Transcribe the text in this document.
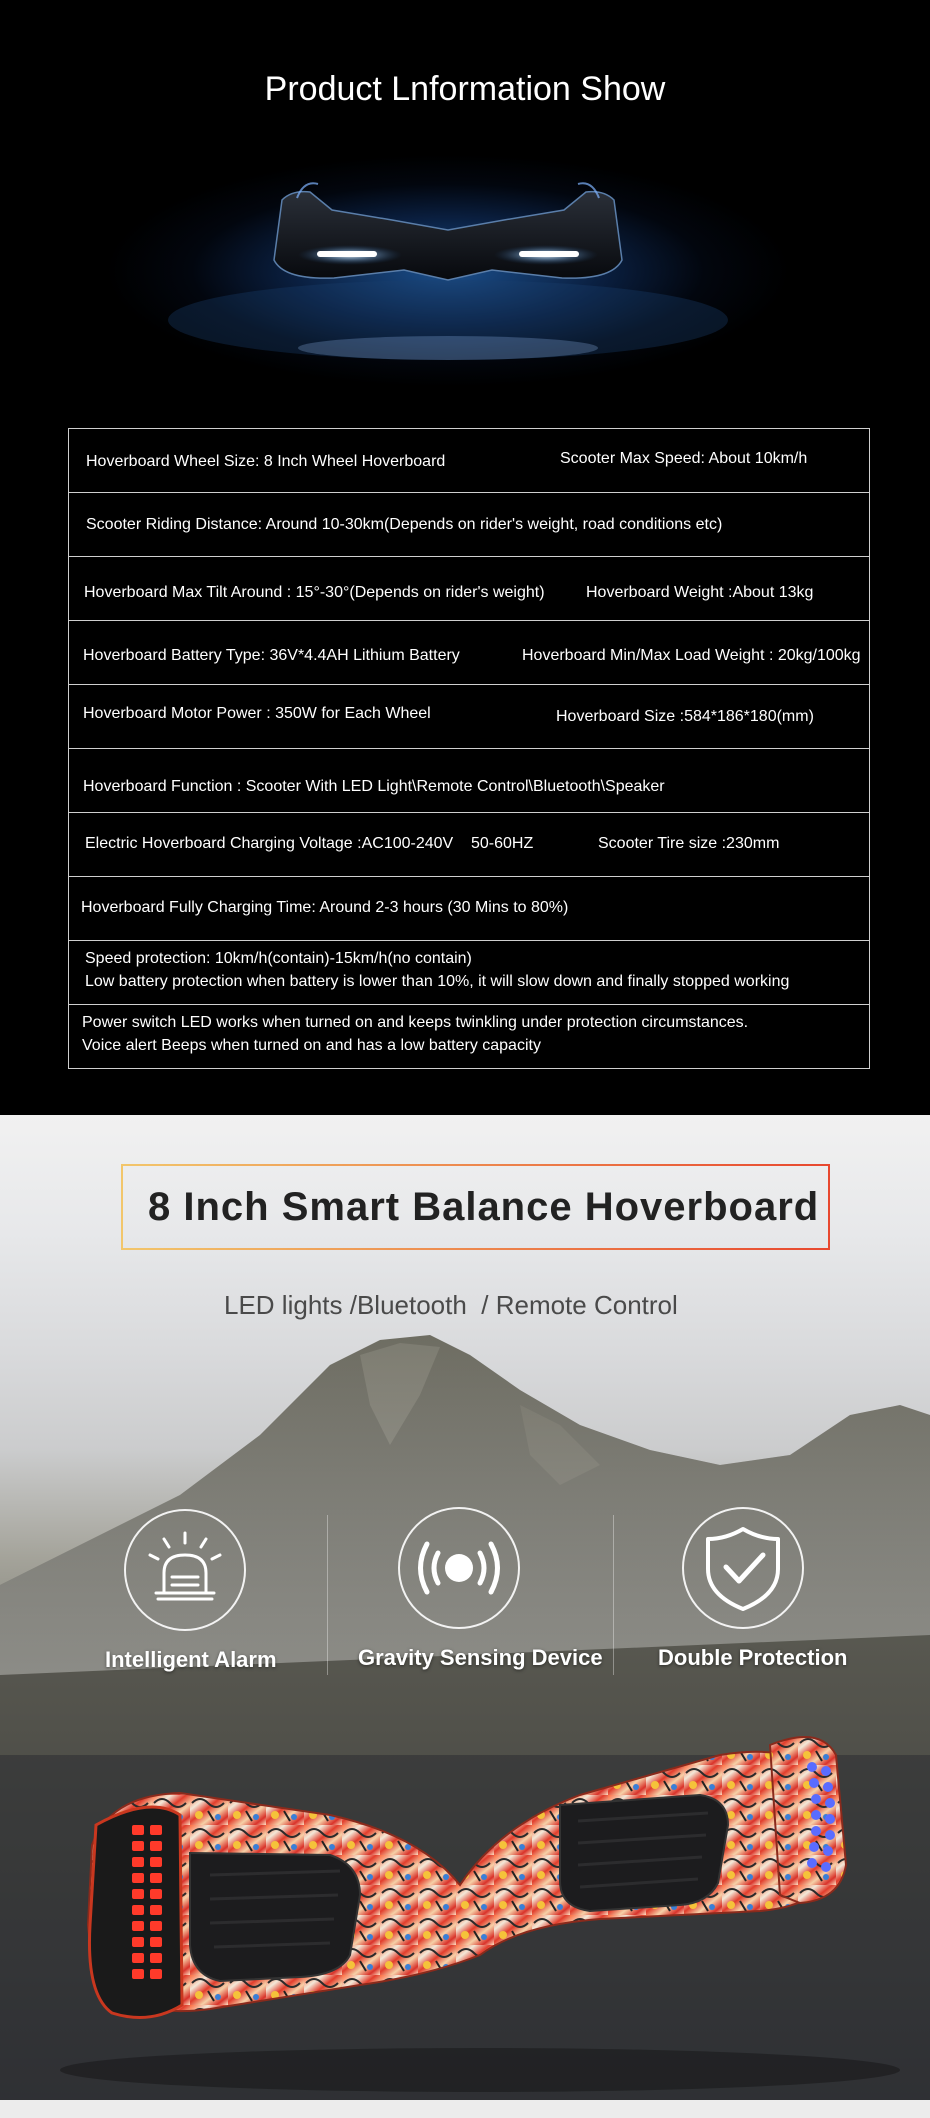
Product Lnformation Show
Hoverboard Wheel Size: 8 Inch Wheel Hoverboard	Scooter Max Speed: About 10km/h
Scooter Riding Distance: Around 10-30km(Depends on rider's weight, road conditions etc)
Hoverboard Max Tilt Around : 15°-30°(Depends on rider's weight)	Hoverboard Weight :About 13kg
Hoverboard Battery Type: 36V*4.4AH Lithium Battery	Hoverboard Min/Max Load Weight : 20kg/100kg
Hoverboard Motor Power : 350W for Each Wheel	Hoverboard Size :584*186*180(mm)
Hoverboard Function : Scooter With LED Light\Remote Control\Bluetooth\Speaker
Electric Hoverboard Charging Voltage :AC100-240V    50-60HZ	Scooter Tire size :230mm
Hoverboard Fully Charging Time: Around 2-3 hours (30 Mins to 80%)
Speed protection: 10km/h(contain)-15km/h(no contain)
Low battery protection when battery is lower than 10%, it will slow down and finally stopped working
Power switch LED works when turned on and keeps twinkling under protection circumstances.
Voice alert Beeps when turned on and has a low battery capacity
8 Inch Smart Balance Hoverboard
LED lights /Bluetooth  / Remote Control
Intelligent Alarm	Gravity Sensing Device	Double Protection
